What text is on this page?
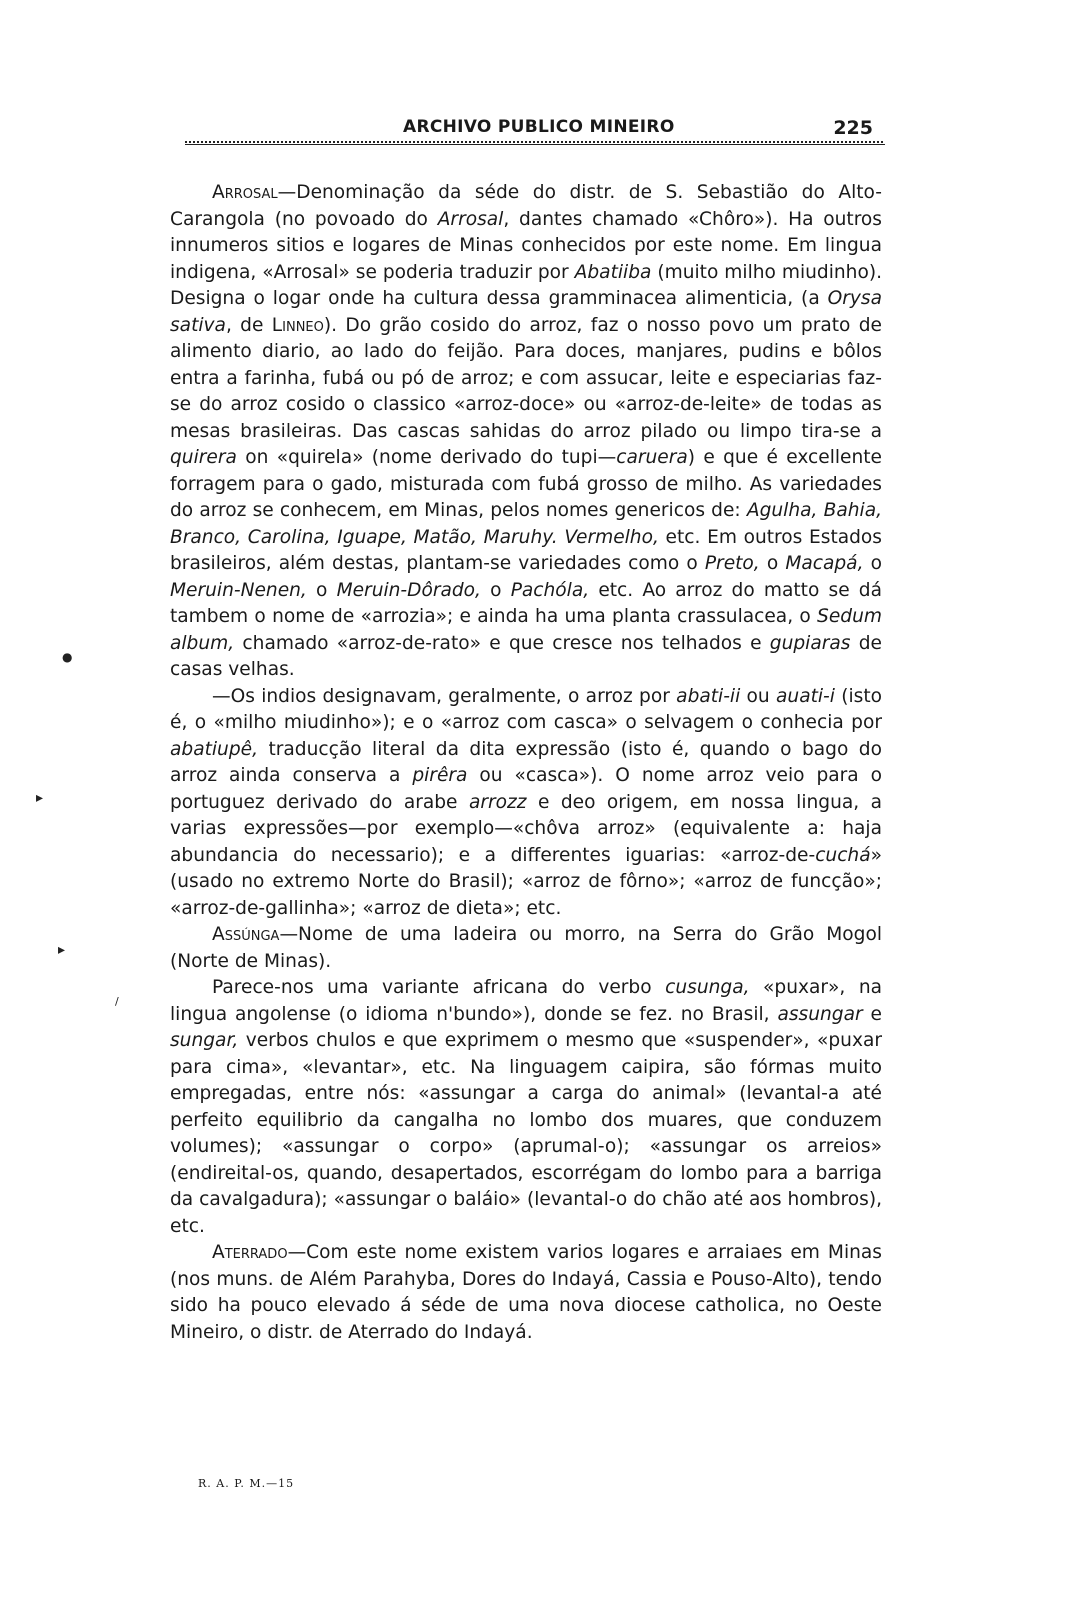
ARCHIVO PUBLICO MINEIRO	225

Arrosal—Denominação da séde do distr. de S. Sebastião do Alto-Carangola (no povoado do Arrosal, dantes chamado «Chôro»). Ha outros innumeros sitios e logares de Minas conhecidos por este nome. Em lingua indigena, «Arrosal» se poderia traduzir por Abatiiba (muito milho miudinho). Designa o logar onde ha cultura dessa gramminacea alimenticia, (a Orysa sativa, de Linneo). Do grão cosido do arroz, faz o nosso povo um prato de alimento diario, ao lado do feijão. Para doces, manjares, pudins e bôlos entra a farinha, fubá ou pó de arroz; e com assucar, leite e especiarias faz-se do arroz cosido o classico «arroz-doce» ou «arroz-de-leite» de todas as mesas brasileiras. Das cascas sahidas do arroz pilado ou limpo tira-se a quirera on «quirela» (nome derivado do tupi—caruera) e que é excellente forragem para o gado, misturada com fubá grosso de milho. As variedades do arroz se conhecem, em Minas, pelos nomes genericos de: Agulha, Bahia, Branco, Carolina, Iguape, Matão, Maruhy. Vermelho, etc. Em outros Estados brasileiros, além destas, plantam-se variedades como o Preto, o Macapá, o Meruin-Nenen, o Meruin-Dôrado, o Pachóla, etc. Ao arroz do matto se dá tambem o nome de «arrozia»; e ainda ha uma planta crassulacea, o Sedum album, chamado «arroz-de-rato» e que cresce nos telhados e gupiaras de casas velhas.

—Os indios designavam, geralmente, o arroz por abati-ii ou auati-i (isto é, o «milho miudinho»); e o «arroz com casca» o selvagem o conhecia por abatiupê, traducção literal da dita expressão (isto é, quando o bago do arroz ainda conserva a pirêra ou «casca»). O nome arroz veio para o portuguez derivado do arabe arrozz e deo origem, em nossa lingua, a varias expressões—por exemplo—«chôva arroz» (equivalente a: haja abundancia do necessario); e a differentes iguarias: «arroz-de-cuchá» (usado no extremo Norte do Brasil); «arroz de fôrno»; «arroz de funcção»; «arroz-de-gallinha»; «arroz de dieta»; etc.

Assúnga—Nome de uma ladeira ou morro, na Serra do Grão Mogol (Norte de Minas).

Parece-nos uma variante africana do verbo cusunga, «puxar», na lingua angolense (o idioma n'bundo»), donde se fez. no Brasil, assungar e sungar, verbos chulos e que exprimem o mesmo que «suspender», «puxar para cima», «levantar», etc. Na linguagem caipira, são fórmas muito empregadas, entre nós: «assungar a carga do animal» (levantal-a até perfeito equilibrio da cangalha no lombo dos muares, que conduzem volumes); «assungar o corpo» (aprumal-o); «assungar os arreios» (endireital-os, quando, desapertados, escorrégam do lombo para a barriga da cavalgadura); «assungar o baláio» (levantal-o do chão até aos hombros), etc.

Aterrado—Com este nome existem varios logares e arraiaes em Minas (nos muns. de Além Parahyba, Dores do Indayá, Cassia e Pouso-Alto), tendo sido ha pouco elevado á séde de uma nova diocese catholica, no Oeste Mineiro, o distr. de Aterrado do Indayá.

R. A. P. M.—15
●
▸
▸
/
